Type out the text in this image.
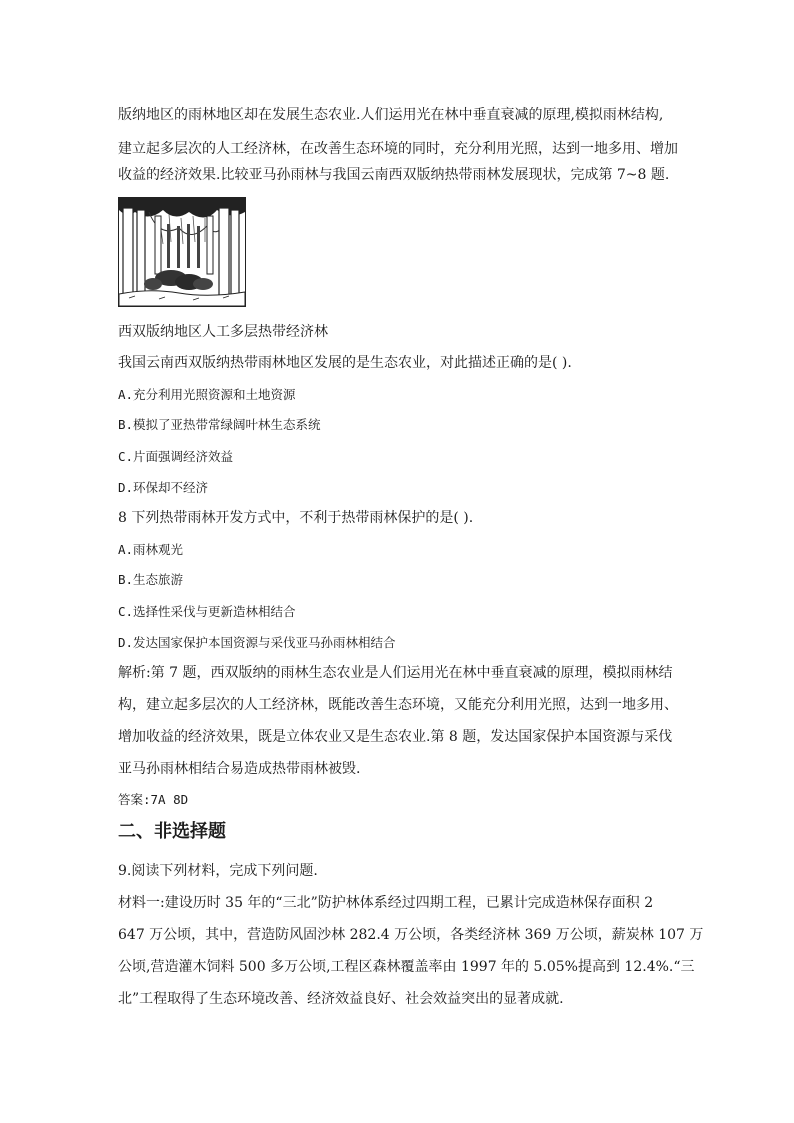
版纳地区的雨林地区却在发展生态农业.人们运用光在林中垂直衰减的原理,模拟雨林结构,
建立起多层次的人工经济林，在改善生态环境的同时，充分利用光照，达到一地多用、增加
收益的经济效果.比较亚马孙雨林与我国云南西双版纳热带雨林发展现状，完成第 7~8 题.
西双版纳地区人工多层热带经济林
我国云南西双版纳热带雨林地区发展的是生态农业，对此描述正确的是( ).
A.充分利用光照资源和土地资源
B.模拟了亚热带常绿阔叶林生态系统
C.片面强调经济效益
D.环保却不经济
8 下列热带雨林开发方式中，不利于热带雨林保护的是( ).
A.雨林观光
B.生态旅游
C.选择性采伐与更新造林相结合
D.发达国家保护本国资源与采伐亚马孙雨林相结合
解析:第 7 题，西双版纳的雨林生态农业是人们运用光在林中垂直衰减的原理，模拟雨林结
构，建立起多层次的人工经济林，既能改善生态环境，又能充分利用光照，达到一地多用、
增加收益的经济效果，既是立体农业又是生态农业.第 8 题，发达国家保护本国资源与采伐
亚马孙雨林相结合易造成热带雨林被毁.
答案:7A 8D
二、非选择题
9.阅读下列材料，完成下列问题.
材料一:建设历时 35 年的“三北”防护林体系经过四期工程，已累计完成造林保存面积 2
647 万公顷，其中，营造防风固沙林 282.4 万公顷，各类经济林 369 万公顷，薪炭林 107 万
公顷,营造灌木饲料 500 多万公顷,工程区森林覆盖率由 1997 年的 5.05%提高到 12.4%.“三
北”工程取得了生态环境改善、经济效益良好、社会效益突出的显著成就.
